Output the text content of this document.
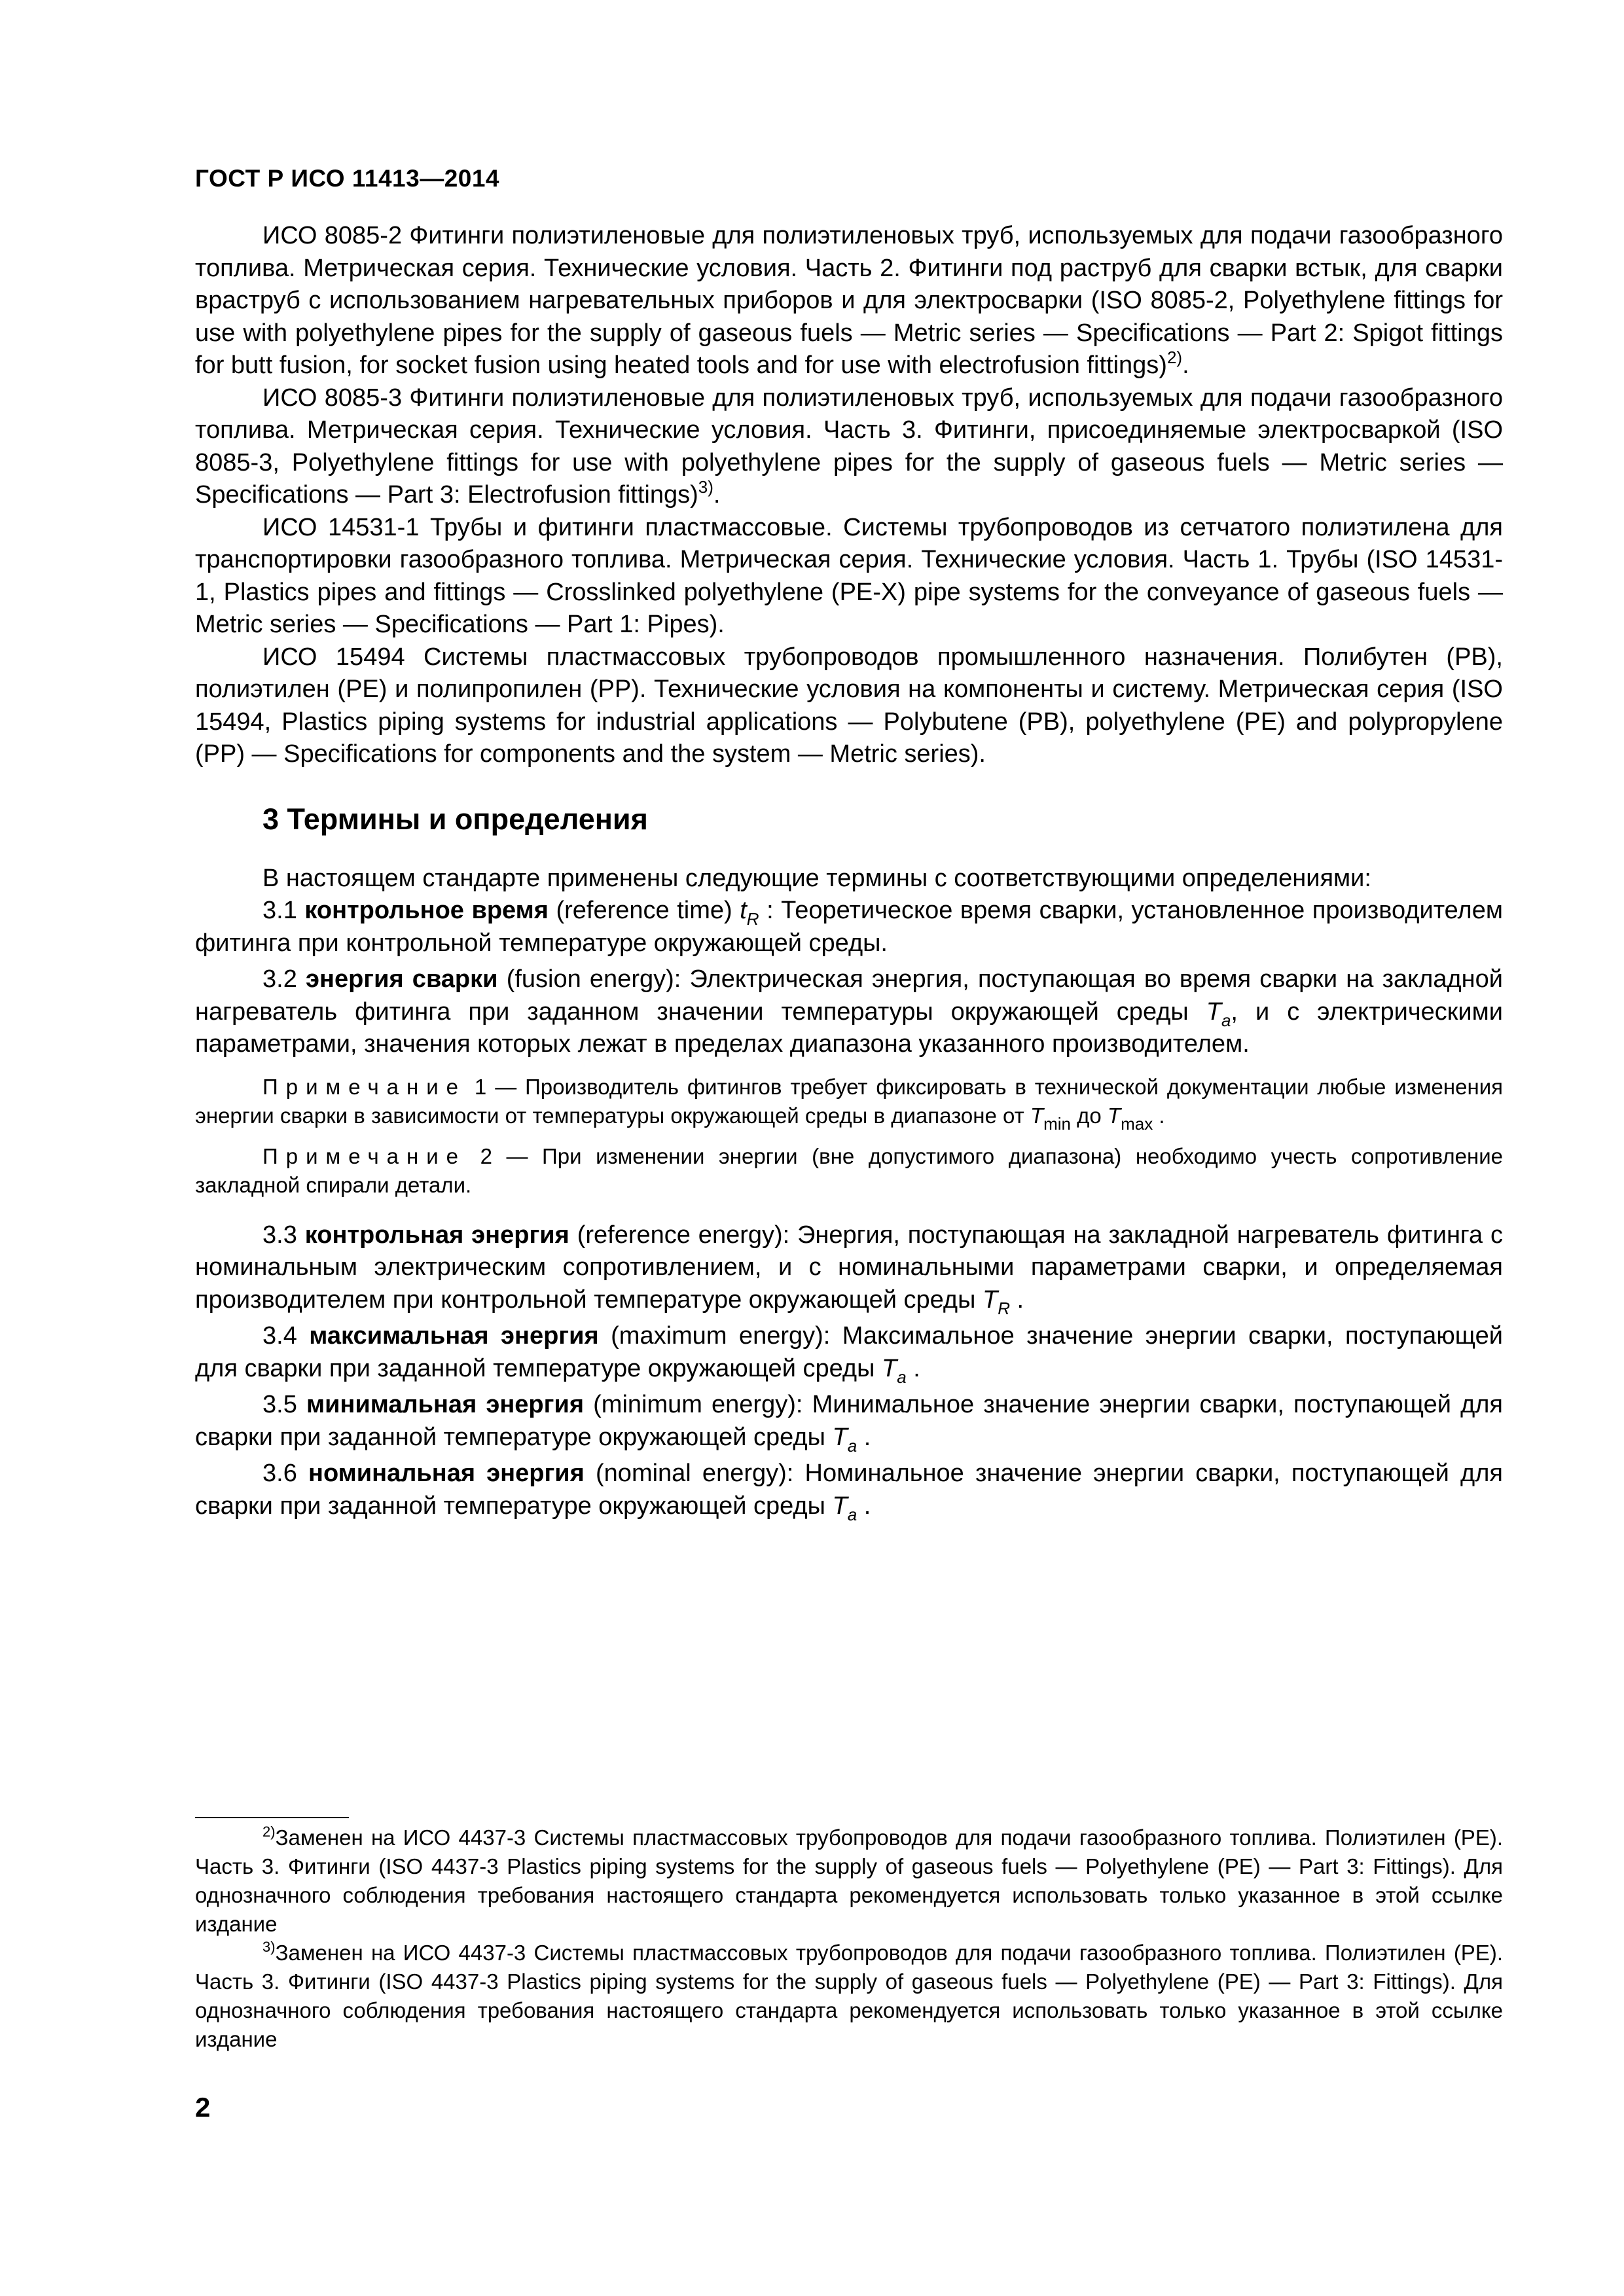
ГОСТ Р ИСО 11413—2014

ИСО 8085-2 Фитинги полиэтиленовые для полиэтиленовых труб, используемых для подачи газообразного топлива. Метрическая серия. Технические условия. Часть 2. Фитинги под раструб для сварки встык, для сварки враструб с использованием нагревательных приборов и для электросварки (ISO 8085-2, Polyethylene fittings for use with polyethylene pipes for the supply of gaseous fuels — Metric series — Specifications — Part 2: Spigot fittings for butt fusion, for socket fusion using heated tools and for use with electrofusion fittings)$^{2)}$.

ИСО 8085-3 Фитинги полиэтиленовые для полиэтиленовых труб, используемых для подачи газообразного топлива. Метрическая серия. Технические условия. Часть 3. Фитинги, присоединяемые электросваркой (ISO 8085-3, Polyethylene fittings for use with polyethylene pipes for the supply of gaseous fuels — Metric series — Specifications — Part 3: Electrofusion fittings)$^{3)}$.

ИСО 14531-1 Трубы и фитинги пластмассовые. Системы трубопроводов из сетчатого полиэтилена для транспортировки газообразного топлива. Метрическая серия. Технические условия. Часть 1. Трубы (ISO 14531-1, Plastics pipes and fittings — Crosslinked polyethylene (PE-X) pipe systems for the conveyance of gaseous fuels — Metric series — Specifications — Part 1: Pipes).

ИСО 15494 Системы пластмассовых трубопроводов промышленного назначения. Полибутен (PB), полиэтилен (PE) и полипропилен (PP). Технические условия на компоненты и систему. Метрическая серия (ISO 15494, Plastics piping systems for industrial applications — Polybutene (PB), polyethylene (PE) and polypropylene (PP) — Specifications for components and the system — Metric series).

3 Термины и определения

В настоящем стандарте применены следующие термины с соответствующими определениями:

3.1 контрольное время (reference time) $t_R$ : Теоретическое время сварки, установленное производителем фитинга при контрольной температуре окружающей среды.

3.2 энергия сварки (fusion energy): Электрическая энергия, поступающая во время сварки на закладной нагреватель фитинга при заданном значении температуры окружающей среды $T_a$, и с электрическими параметрами, значения которых лежат в пределах диапазона указанного производителем.

Примечание 1 — Производитель фитингов требует фиксировать в технической документации любые изменения энергии сварки в зависимости от температуры окружающей среды в диапазоне от $T_{min}$ до $T_{max}$ .

Примечание 2 — При изменении энергии (вне допустимого диапазона) необходимо учесть сопротивление закладной спирали детали.

3.3 контрольная энергия (reference energy): Энергия, поступающая на закладной нагреватель фитинга с номинальным электрическим сопротивлением, и с номинальными параметрами сварки, и определяемая производителем при контрольной температуре окружающей среды $T_R$ .

3.4 максимальная энергия (maximum energy): Максимальное значение энергии сварки, поступающей для сварки при заданной температуре окружающей среды $T_a$ .

3.5 минимальная энергия (minimum energy): Минимальное значение энергии сварки, поступающей для сварки при заданной температуре окружающей среды $T_a$ .

3.6 номинальная энергия (nominal energy): Номинальное значение энергии сварки, поступающей для сварки при заданной температуре окружающей среды $T_a$ .

$^{2)}$Заменен на ИСО 4437-3 Системы пластмассовых трубопроводов для подачи газообразного топлива. Полиэтилен (PE). Часть 3. Фитинги (ISO 4437-3 Plastics piping systems for the supply of gaseous fuels — Polyethylene (PE) — Part 3: Fittings). Для однозначного соблюдения требования настоящего стандарта рекомендуется использовать только указанное в этой ссылке издание

$^{3)}$Заменен на ИСО 4437-3 Системы пластмассовых трубопроводов для подачи газообразного топлива. Полиэтилен (PE). Часть 3. Фитинги (ISO 4437-3 Plastics piping systems for the supply of gaseous fuels — Polyethylene (PE) — Part 3: Fittings). Для однозначного соблюдения требования настоящего стандарта рекомендуется использовать только указанное в этой ссылке издание

2
